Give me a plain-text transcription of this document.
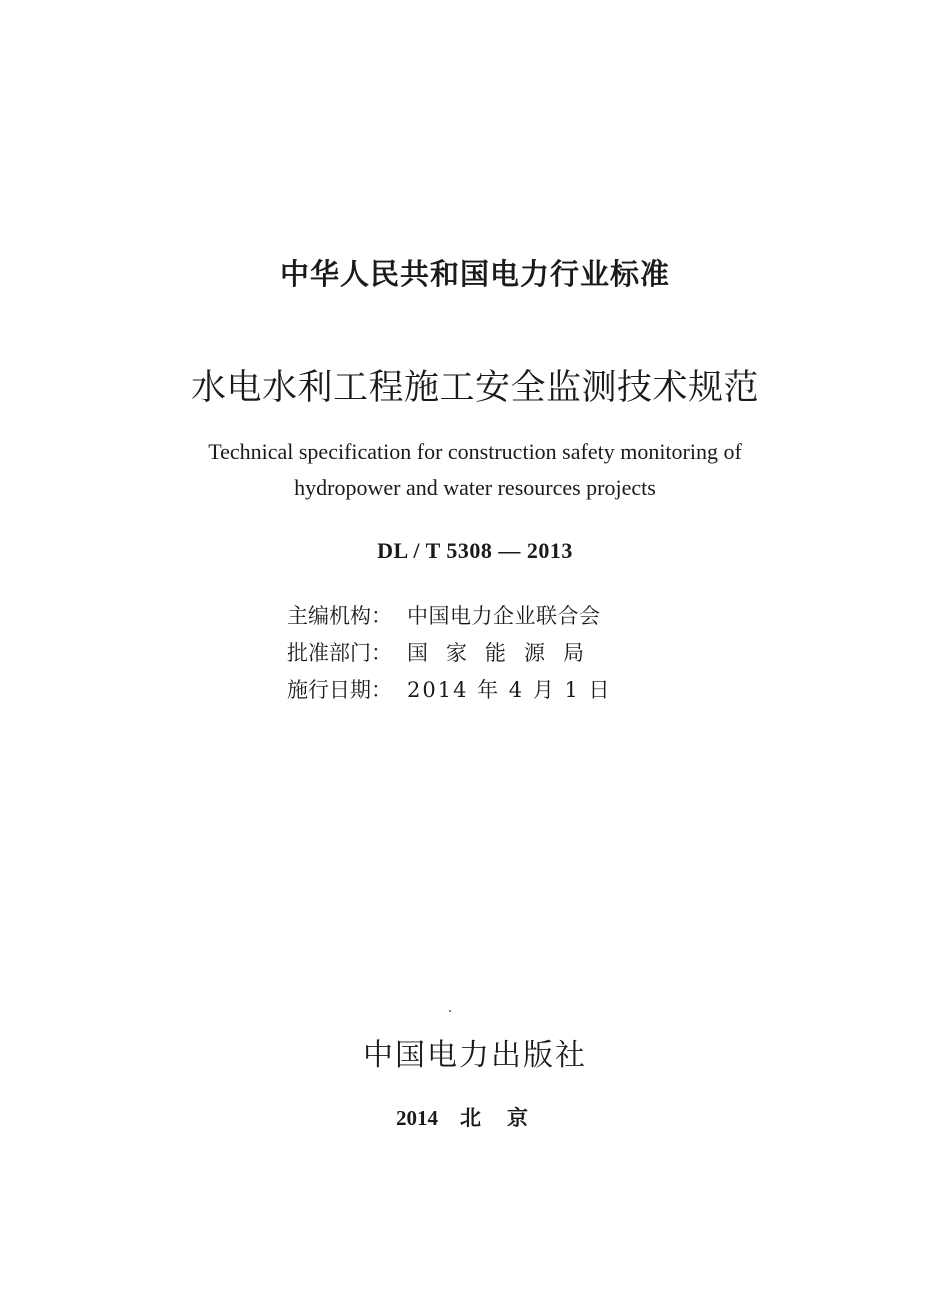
中华人民共和国电力行业标准
水电水利工程施工安全监测技术规范
Technical specification for construction safety monitoring of
hydropower and water resources projects
DL / T 5308 — 2013
主编机构： 中国电力企业联合会
批准部门： 国家能源局
施行日期： 2014 年 4 月 1 日
中国电力出版社
2014 北京
